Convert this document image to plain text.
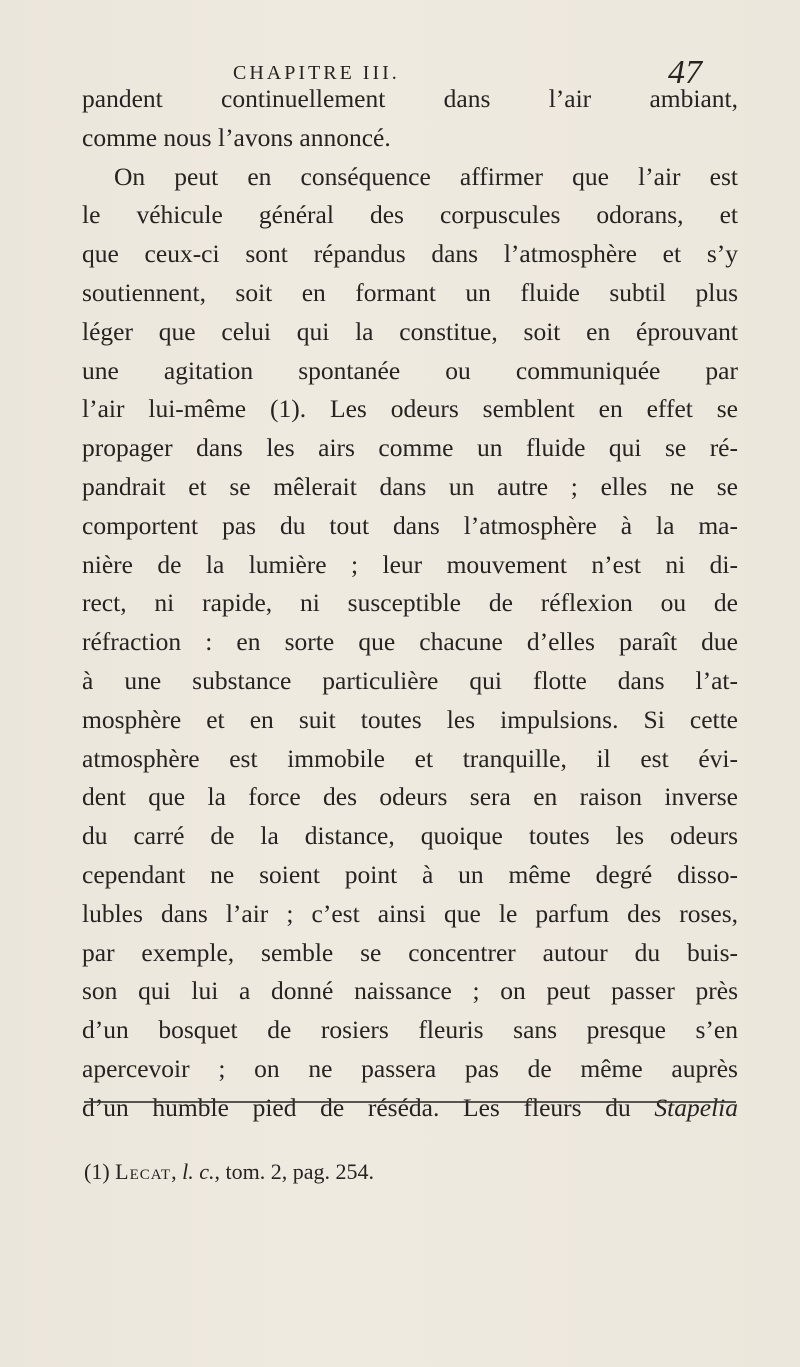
CHAPITRE III.	47
pandent continuellement dans l’air ambiant,
comme nous l’avons annoncé.
On peut en conséquence affirmer que l’air est
le véhicule général des corpuscules odorans, et
que ceux-ci sont répandus dans l’atmosphère et s’y
soutiennent, soit en formant un fluide subtil plus
léger que celui qui la constitue, soit en éprouvant
une agitation spontanée ou communiquée par
l’air lui-même (1). Les odeurs semblent en effet se
propager dans les airs comme un fluide qui se ré-
pandrait et se mêlerait dans un autre ; elles ne se
comportent pas du tout dans l’atmosphère à la ma-
nière de la lumière ; leur mouvement n’est ni di-
rect, ni rapide, ni susceptible de réflexion ou de
réfraction : en sorte que chacune d’elles paraît due
à une substance particulière qui flotte dans l’at-
mosphère et en suit toutes les impulsions. Si cette
atmosphère est immobile et tranquille, il est évi-
dent que la force des odeurs sera en raison inverse
du carré de la distance, quoique toutes les odeurs
cependant ne soient point à un même degré disso-
lubles dans l’air ; c’est ainsi que le parfum des roses,
par exemple, semble se concentrer autour du buis-
son qui lui a donné naissance ; on peut passer près
d’un bosquet de rosiers fleuris sans presque s’en
apercevoir ; on ne passera pas de même auprès
d’un humble pied de réséda. Les fleurs du Stapelia
(1) Lecat, l. c., tom. 2, pag. 254.
